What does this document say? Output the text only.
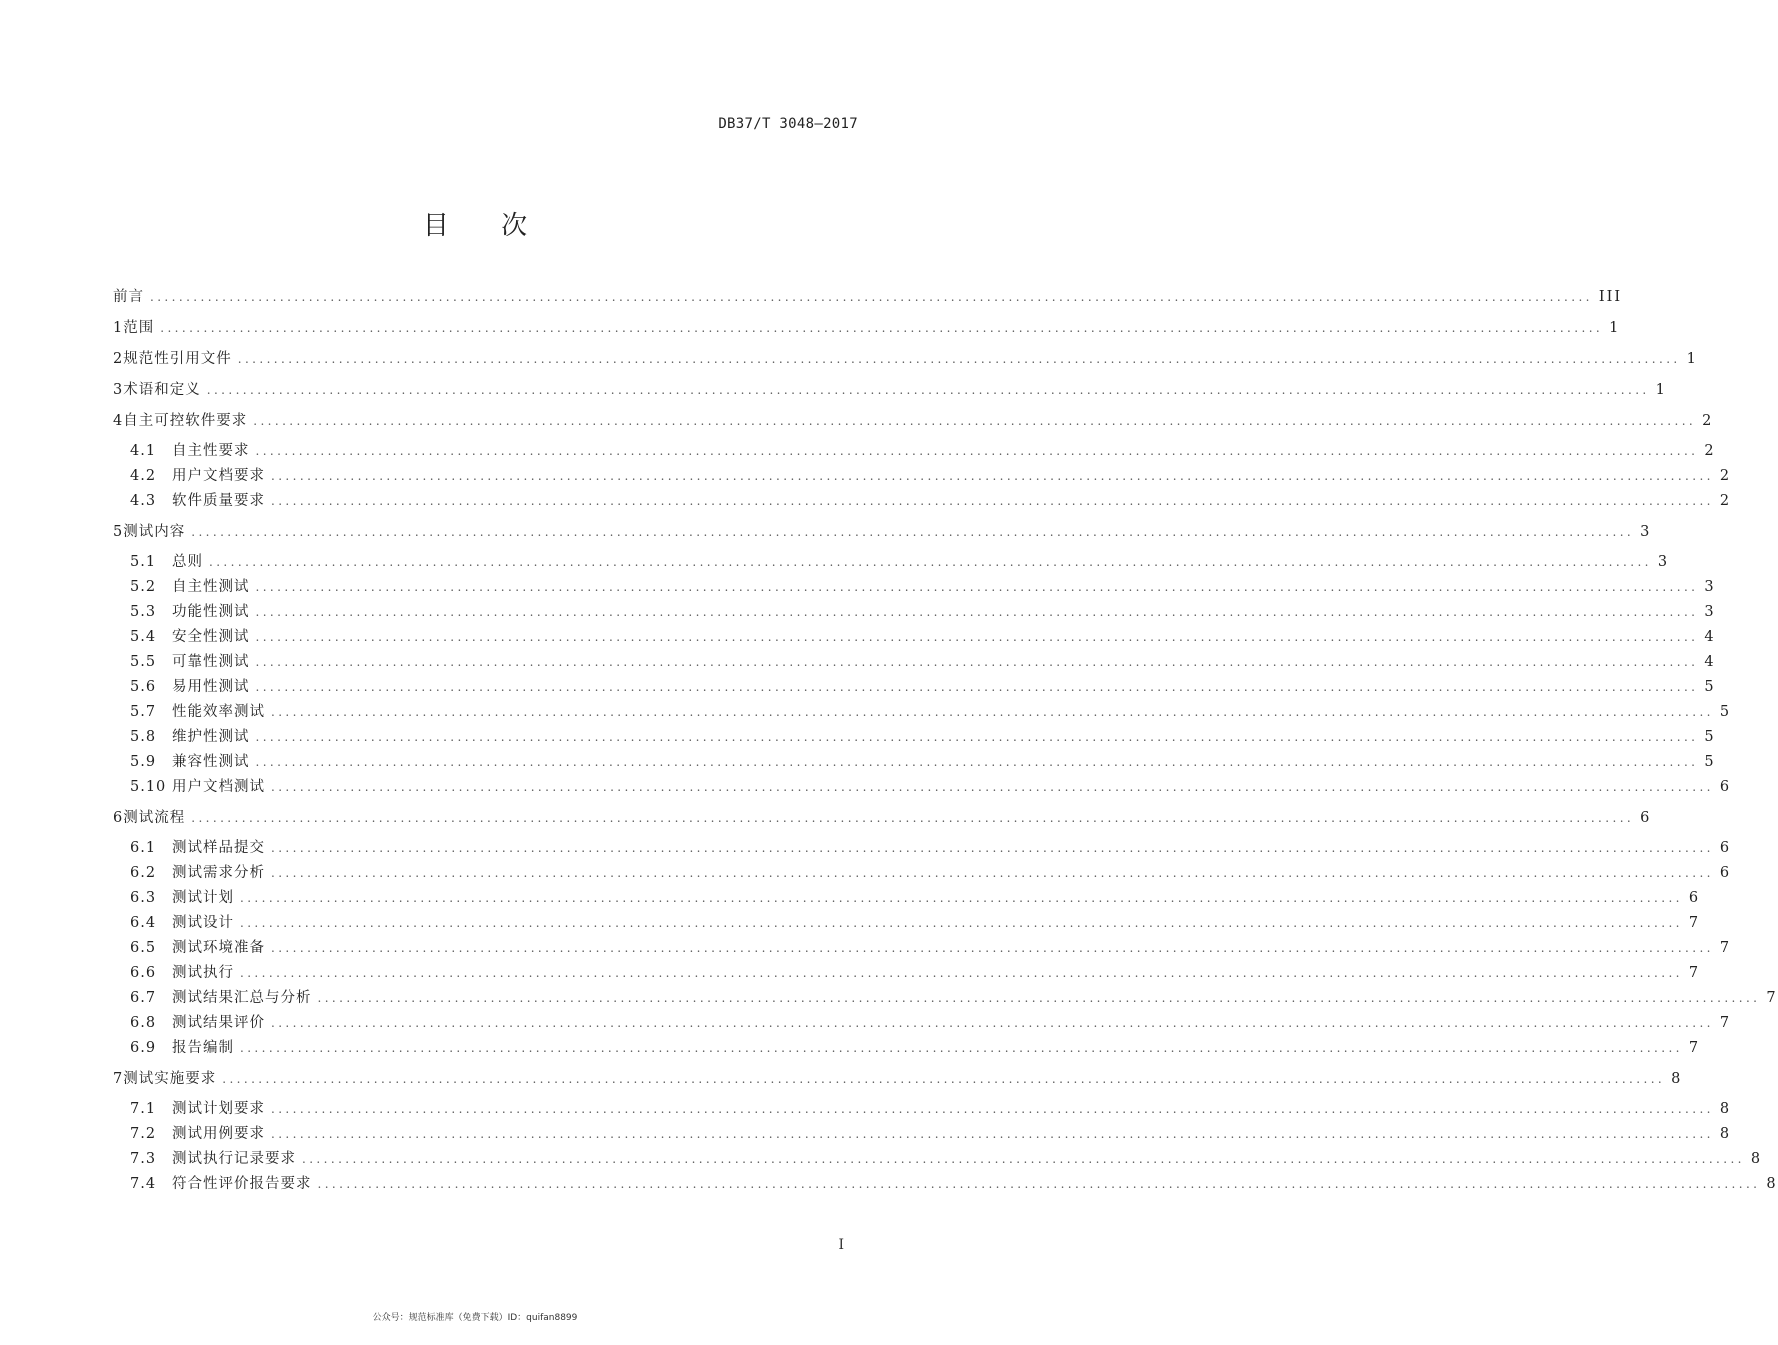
DB37/T 3048—2017
目 次
前言 ........................................................................................................................................................................................................ III
1 范围 ........................................................................................................................................................................................................ 1
2 规范性引用文件 ........................................................................................................................................................................................................ 1
3 术语和定义 ........................................................................................................................................................................................................ 1
4 自主可控软件要求 ........................................................................................................................................................................................................ 2
4.1	自主性要求 ........................................................................................................................................................................................................ 2
4.2	用户文档要求 ........................................................................................................................................................................................................ 2
4.3	软件质量要求 ........................................................................................................................................................................................................ 2
5 测试内容 ........................................................................................................................................................................................................ 3
5.1	总则 ........................................................................................................................................................................................................ 3
5.2	自主性测试 ........................................................................................................................................................................................................ 3
5.3	功能性测试 ........................................................................................................................................................................................................ 3
5.4	安全性测试 ........................................................................................................................................................................................................ 4
5.5	可靠性测试 ........................................................................................................................................................................................................ 4
5.6	易用性测试 ........................................................................................................................................................................................................ 5
5.7	性能效率测试 ........................................................................................................................................................................................................ 5
5.8	维护性测试 ........................................................................................................................................................................................................ 5
5.9	兼容性测试 ........................................................................................................................................................................................................ 5
5.10 用户文档测试 ........................................................................................................................................................................................................ 6
6 测试流程 ........................................................................................................................................................................................................ 6
6.1	测试样品提交 ........................................................................................................................................................................................................ 6
6.2	测试需求分析 ........................................................................................................................................................................................................ 6
6.3	测试计划 ........................................................................................................................................................................................................ 6
6.4	测试设计 ........................................................................................................................................................................................................ 7
6.5	测试环境准备 ........................................................................................................................................................................................................ 7
6.6	测试执行 ........................................................................................................................................................................................................ 7
6.7	测试结果汇总与分析 ........................................................................................................................................................................................................ 7
6.8	测试结果评价 ........................................................................................................................................................................................................ 7
6.9	报告编制 ........................................................................................................................................................................................................ 7
7 测试实施要求 ........................................................................................................................................................................................................ 8
7.1	测试计划要求 ........................................................................................................................................................................................................ 8
7.2	测试用例要求 ........................................................................................................................................................................................................ 8
7.3	测试执行记录要求 ........................................................................................................................................................................................................ 8
7.4	符合性评价报告要求 ........................................................................................................................................................................................................ 8
I
公众号：规范标准库（免费下载）ID：quifan8899
